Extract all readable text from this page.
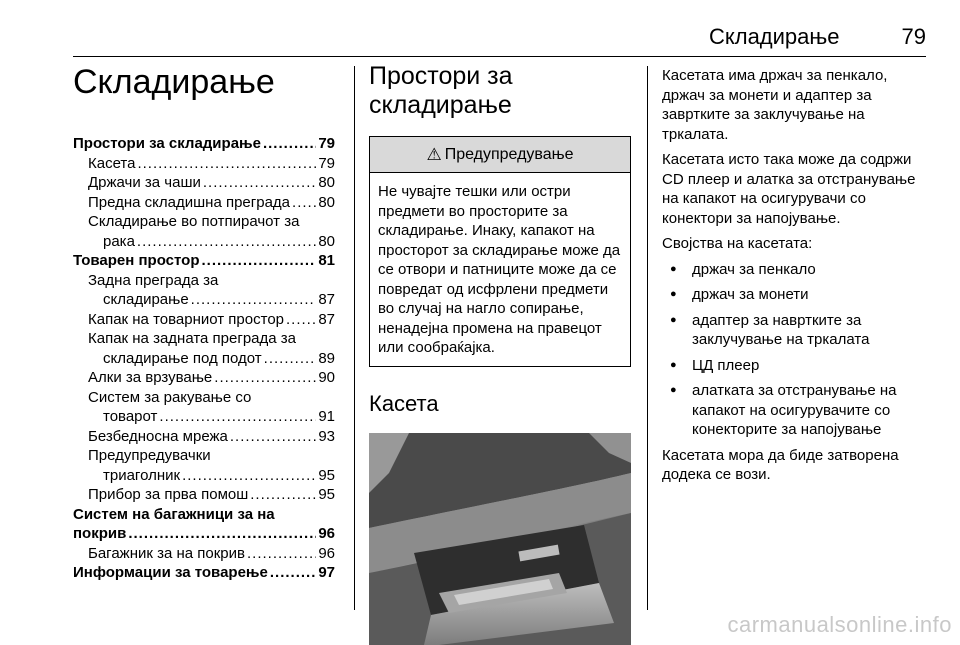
Складирање	79
Складирање
Простори за складирање .....	79
Касета .....	79
Држачи за чаши .....	80
Предна складишна преграда ..... 80
Складирање во потпирачот за
рака .....	80
Товарен простор .....	81
Задна преграда за
складирање .....	87
Капак на товарниот простор ..... 87
Капак на задната преграда за
складирање под подот .....	89
Алки за врзување .....	90
Систем за ракување со
товарот .....	91
Безбедносна мрежа .....	93
Предупредувачки
триаголник .....	95
Прибор за прва помош .....	95
Систем на багажници за на
покрив .....	96
Багажник за на покрив .....	96
Информации за товарење .....	97
Простори за
складирање
⚠ Предупредување
Не чувајте тешки или остри предмети во просторите за складирање. Инаку, капакот на просторот за складирање може да се отвори и патниците може да се повредат од исфрлени предмети во случај на нагло сопирање, ненадејна промена на правецот или сообраќајка.
Касета

Касетата има држач за пенкало, држач за монети и адаптер за завртките за заклучување на тркалата.

Касетата исто така може да содржи CD плеер и алатка за отстранување на капакот на осигурувачи со конектори за напојување.

Својства на касетата:

● држач за пенкало
● држач за монети
● адаптер за навртките за заклучување на тркалата
● ЦД плеер
● алатката за отстранување на капакот на осигурувачите со конекторите за напојување

Касетата мора да биде затворена додека се вози.

carmanualsonline.info
